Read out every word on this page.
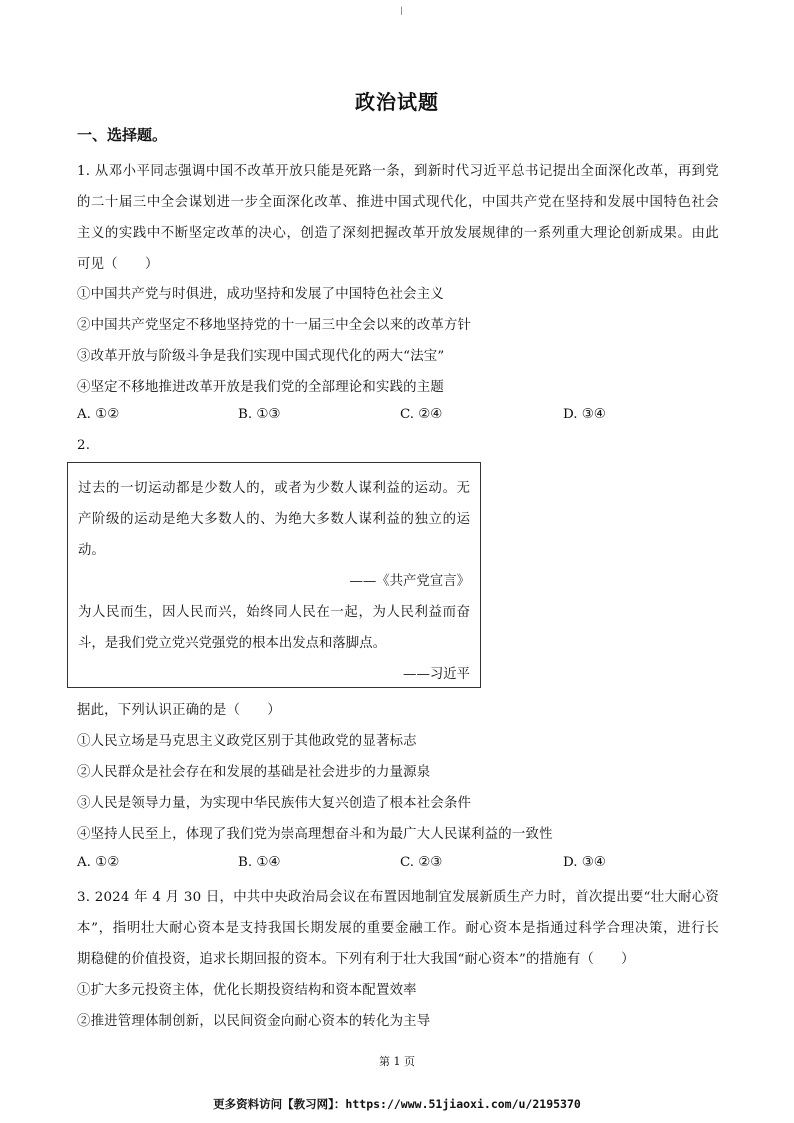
|
政治试题
一、选择题。
1. 从邓小平同志强调中国不改革开放只能是死路一条，到新时代习近平总书记提出全面深化改革，再到党
的二十届三中全会谋划进一步全面深化改革、推进中国式现代化，中国共产党在坚持和发展中国特色社会
主义的实践中不断坚定改革的决心，创造了深刻把握改革开放发展规律的一系列重大理论创新成果。由此
可见（　　）
①中国共产党与时俱进，成功坚持和发展了中国特色社会主义
②中国共产党坚定不移地坚持党的十一届三中全会以来的改革方针
③改革开放与阶级斗争是我们实现中国式现代化的两大“法宝”
④坚定不移地推进改革开放是我们党的全部理论和实践的主题
A. ①②	B. ①③	C. ②④	D. ③④
2.
过去的一切运动都是少数人的，或者为少数人谋利益的运动。无
产阶级的运动是绝大多数人的、为绝大多数人谋利益的独立的运
动。
——《共产党宣言》
为人民而生，因人民而兴，始终同人民在一起，为人民利益而奋
斗，是我们党立党兴党强党的根本出发点和落脚点。
——习近平
据此，下列认识正确的是（　　）
①人民立场是马克思主义政党区别于其他政党的显著标志
②人民群众是社会存在和发展的基础是社会进步的力量源泉
③人民是领导力量，为实现中华民族伟大复兴创造了根本社会条件
④坚持人民至上，体现了我们党为崇高理想奋斗和为最广大人民谋利益的一致性
A. ①②	B. ①④	C. ②③	D. ③④
3. 2024 年 4 月 30 日，中共中央政治局会议在布置因地制宜发展新质生产力时，首次提出要“壮大耐心资
本”，指明壮大耐心资本是支持我国长期发展的重要金融工作。耐心资本是指通过科学合理决策，进行长
期稳健的价值投资，追求长期回报的资本。下列有利于壮大我国“耐心资本”的措施有（　　）
①扩大多元投资主体，优化长期投资结构和资本配置效率
②推进管理体制创新，以民间资金向耐心资本的转化为主导
第 1 页
更多资料访问【教习网】：https://www.51jiaoxi.com/u/2195370
